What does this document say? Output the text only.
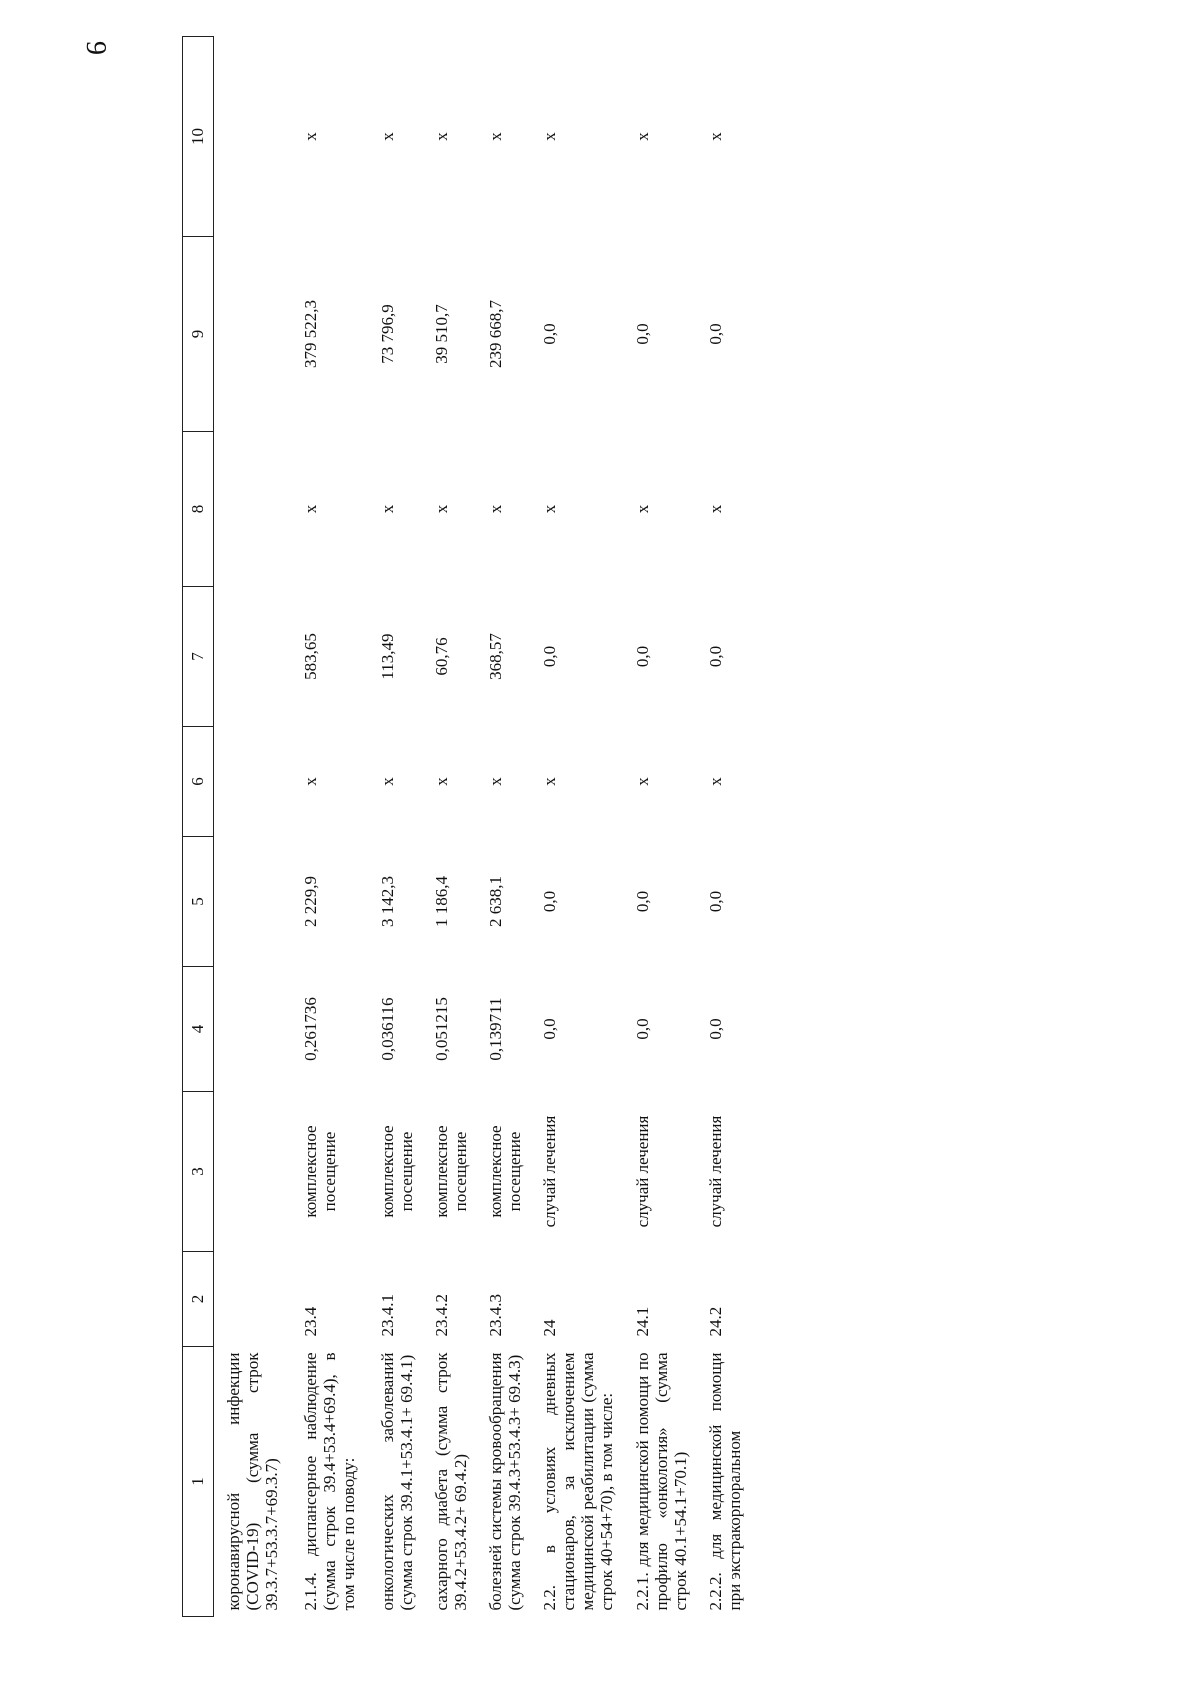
9
1	2	3	4	5	6	7	8	9	10
коронавирусной инфекции (COVID-19) (сумма строк 39.3.7+53.3.7+69.3.7)									
2.1.4. диспансерное наблюдение (сумма строк 39.4+53.4+69.4), в том числе по поводу:	23.4	комплексное посещение	0,261736	2 229,9	х	583,65	х	379 522,3	х
онкологических заболеваний (сумма строк 39.4.1+53.4.1+ 69.4.1)	23.4.1	комплексное посещение	0,036116	3 142,3	х	113,49	х	73 796,9	х
сахарного диабета (сумма строк 39.4.2+53.4.2+ 69.4.2)	23.4.2	комплексное посещение	0,051215	1 186,4	х	60,76	х	39 510,7	х
болезней системы кровообращения (сумма строк 39.4.3+53.4.3+ 69.4.3)	23.4.3	комплексное посещение	0,139711	2 638,1	х	368,57	х	239 668,7	х
2.2. в условиях дневных стационаров, за исключением медицинской реабилитации (сумма строк 40+54+70), в том числе:	24	случай лечения	0,0	0,0	х	0,0	х	0,0	х
2.2.1. для медицинской помощи по профилю «онкология» (сумма строк 40.1+54.1+70.1)	24.1	случай лечения	0,0	0,0	х	0,0	х	0,0	х
2.2.2. для медицинской помощи при экстракорпоральном	24.2	случай лечения	0,0	0,0	х	0,0	х	0,0	х
